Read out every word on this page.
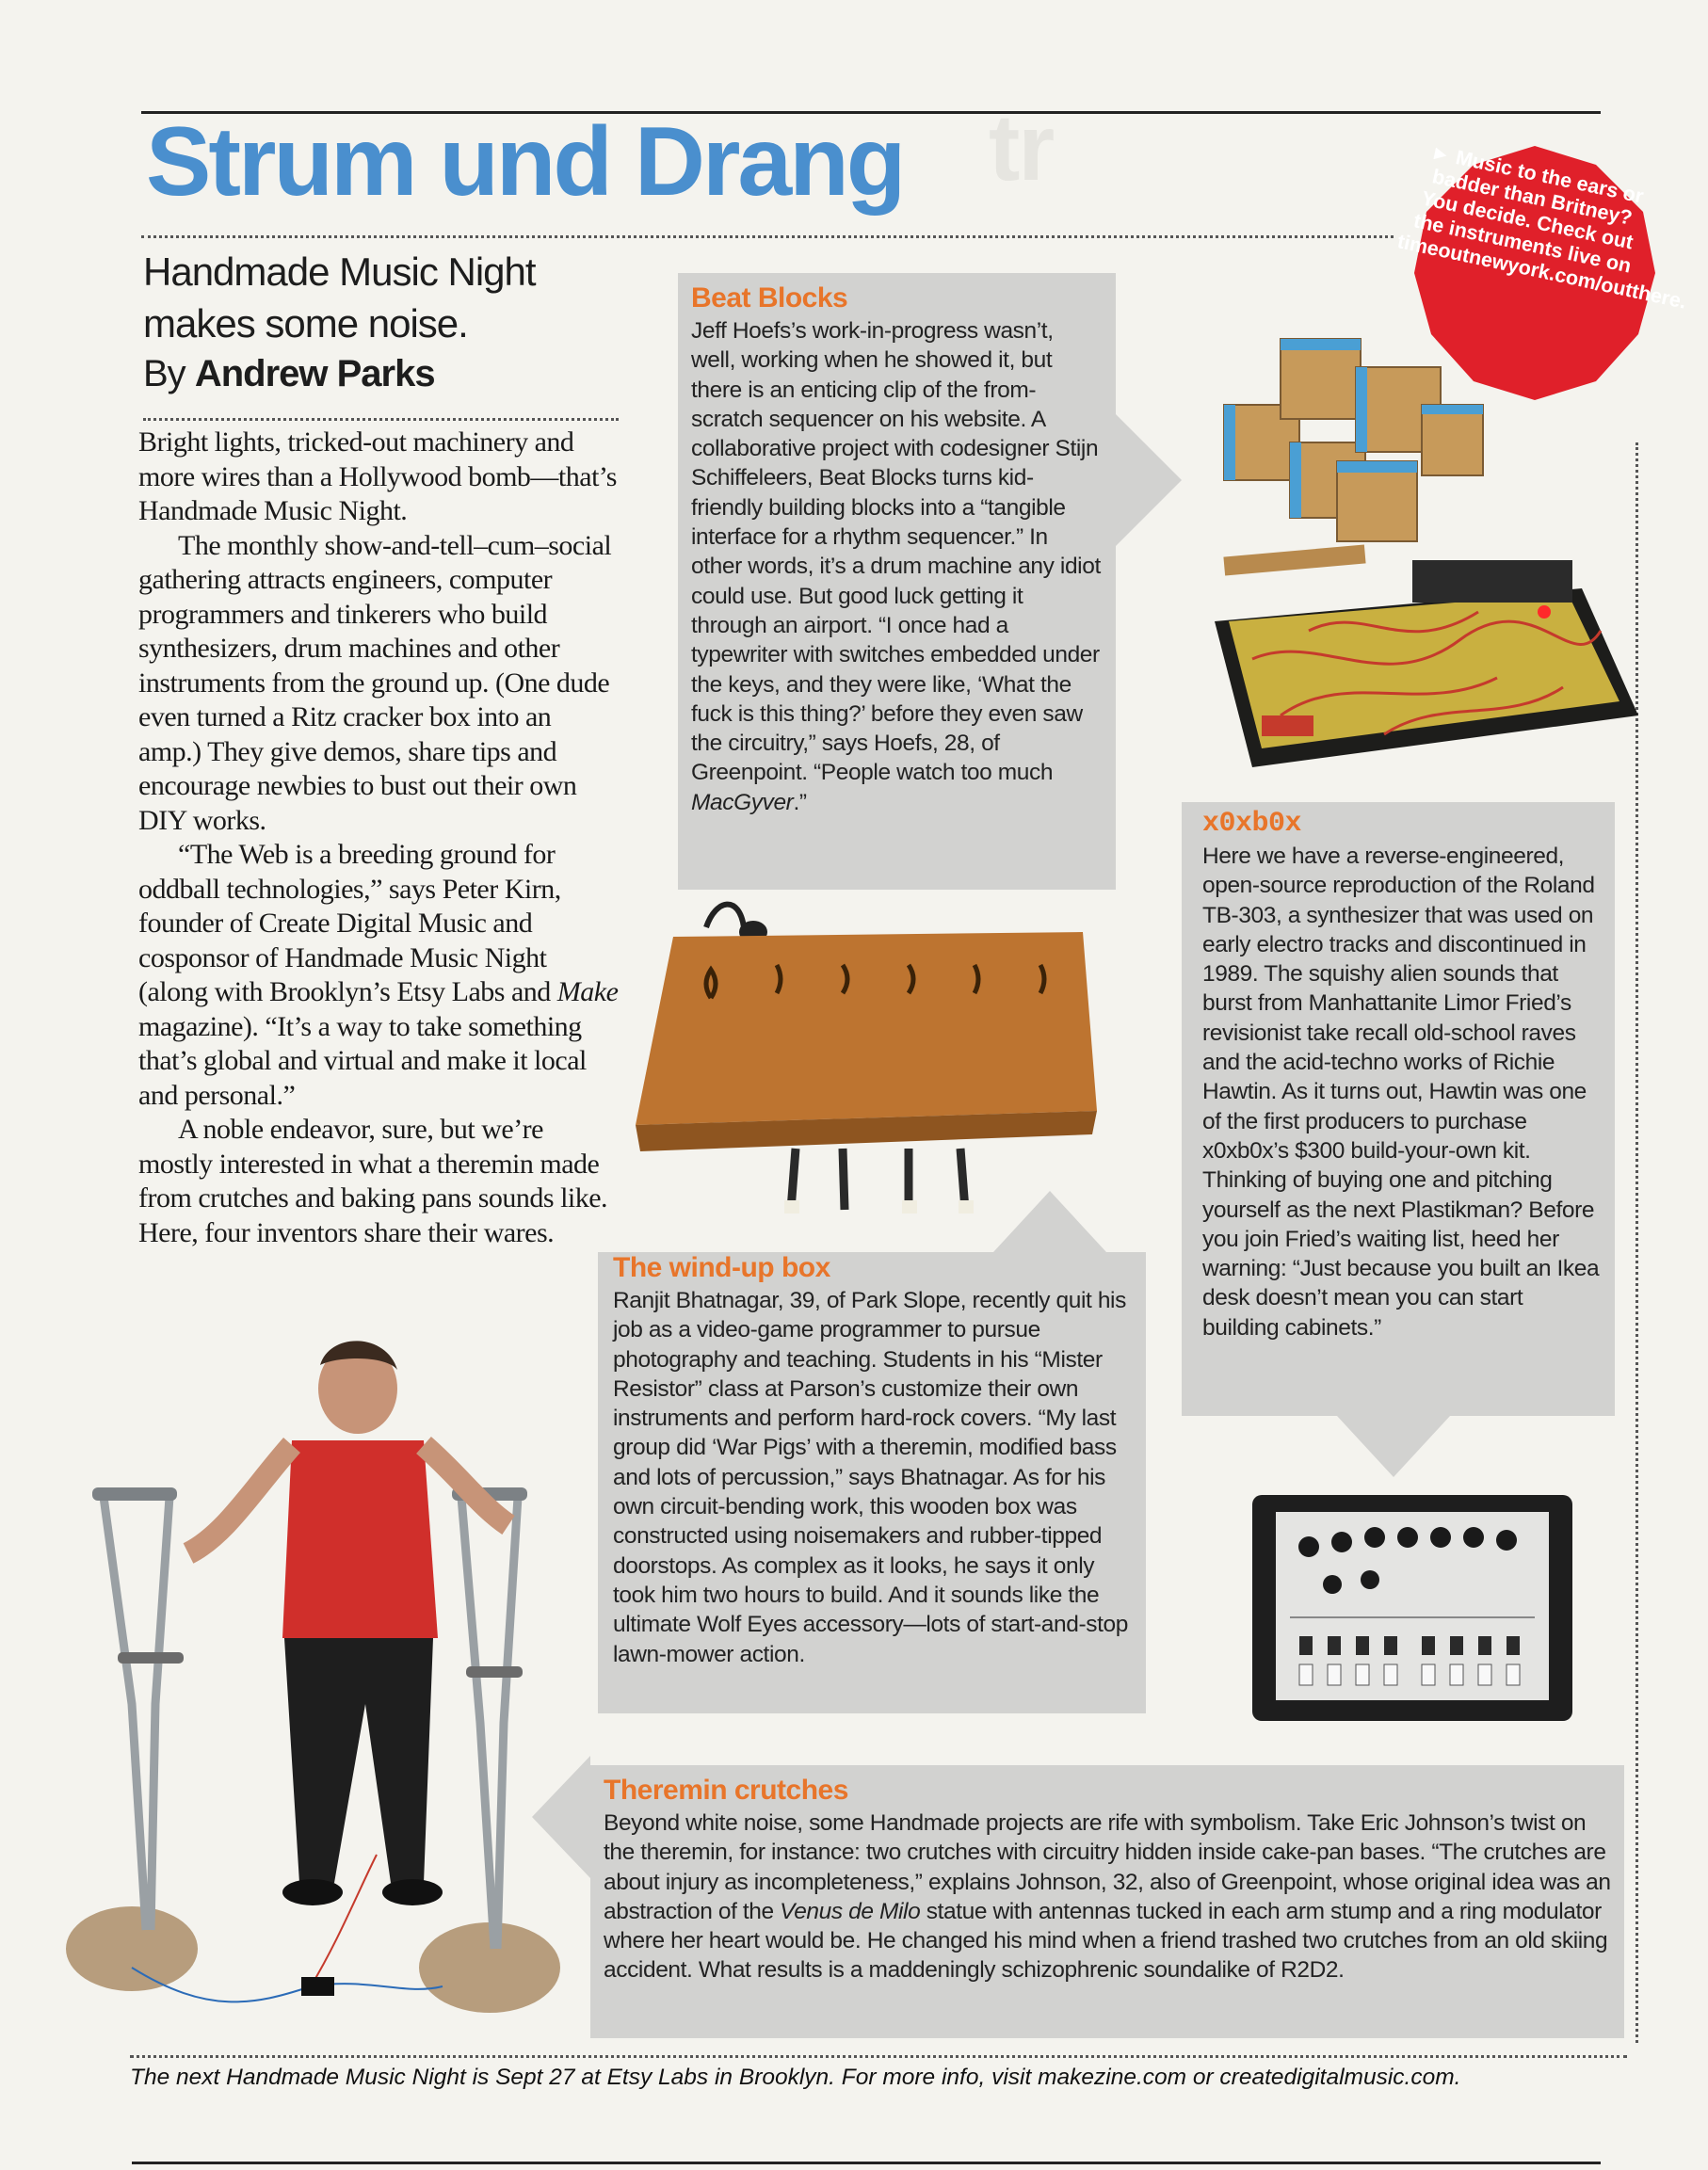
Strum und Drang tr
Handmade Music Night makes some noise.
By Andrew Parks

Bright lights, tricked-out machinery and more wires than a Hollywood bomb—that’s Handmade Music Night.

The monthly show-and-tell–cum–social gathering attracts engineers, computer programmers and tinkerers who build synthesizers, drum machines and other instruments from the ground up. (One dude even turned a Ritz cracker box into an amp.) They give demos, share tips and encourage newbies to bust out their own DIY works.

“The Web is a breeding ground for oddball technologies,” says Peter Kirn, founder of Create Digital Music and cosponsor of Handmade Music Night (along with Brooklyn’s Etsy Labs and Make magazine). “It’s a way to take something that’s global and virtual and make it local and personal.”

A noble endeavor, sure, but we’re mostly interested in what a theremin made from crutches and baking pans sounds like. Here, four inventors share their wares.

► Music to the ears or badder than Britney? You decide. Check out the instruments live on timeoutnewyork.com/outthere.

Beat Blocks

Jeff Hoefs’s work-in-progress wasn’t, well, working when he showed it, but there is an enticing clip of the from-scratch sequencer on his website. A collaborative project with codesigner Stijn Schiffeleers, Beat Blocks turns kid-friendly building blocks into a “tangible interface for a rhythm sequencer.” In other words, it’s a drum machine any idiot could use. But good luck getting it through an airport. “I once had a typewriter with switches embedded under the keys, and they were like, ‘What the fuck is this thing?’ before they even saw the circuitry,” says Hoefs, 28, of Greenpoint. “People watch too much MacGyver.”

The wind-up box

Ranjit Bhatnagar, 39, of Park Slope, recently quit his job as a video-game programmer to pursue photography and teaching. Students in his “Mister Resistor” class at Parson’s customize their own instruments and perform hard-rock covers. “My last group did ‘War Pigs’ with a theremin, modified bass and lots of percussion,” says Bhatnagar. As for his own circuit-bending work, this wooden box was constructed using noisemakers and rubber-tipped doorstops. As complex as it looks, he says it only took him two hours to build. And it sounds like the ultimate Wolf Eyes accessory—lots of start-and-stop lawn-mower action.

x0xb0x

Here we have a reverse-engineered, open-source reproduction of the Roland TB-303, a synthesizer that was used on early electro tracks and discontinued in 1989. The squishy alien sounds that burst from Manhattanite Limor Fried’s revisionist take recall old-school raves and the acid-techno works of Richie Hawtin. As it turns out, Hawtin was one of the first producers to purchase x0xb0x’s $300 build-your-own kit. Thinking of buying one and pitching yourself as the next Plastikman? Before you join Fried’s waiting list, heed her warning: “Just because you built an Ikea desk doesn’t mean you can start building cabinets.”

Theremin crutches

Beyond white noise, some Handmade projects are rife with symbolism. Take Eric Johnson’s twist on the theremin, for instance: two crutches with circuitry hidden inside cake-pan bases. “The crutches are about injury as incompleteness,” explains Johnson, 32, also of Greenpoint, whose original idea was an abstraction of the Venus de Milo statue with antennas tucked in each arm stump and a ring modulator where her heart would be. He changed his mind when a friend trashed two crutches from an old skiing accident. What results is a maddeningly schizophrenic soundalike of R2D2.

The next Handmade Music Night is Sept 27 at Etsy Labs in Brooklyn. For more info, visit makezine.com or createdigitalmusic.com.
